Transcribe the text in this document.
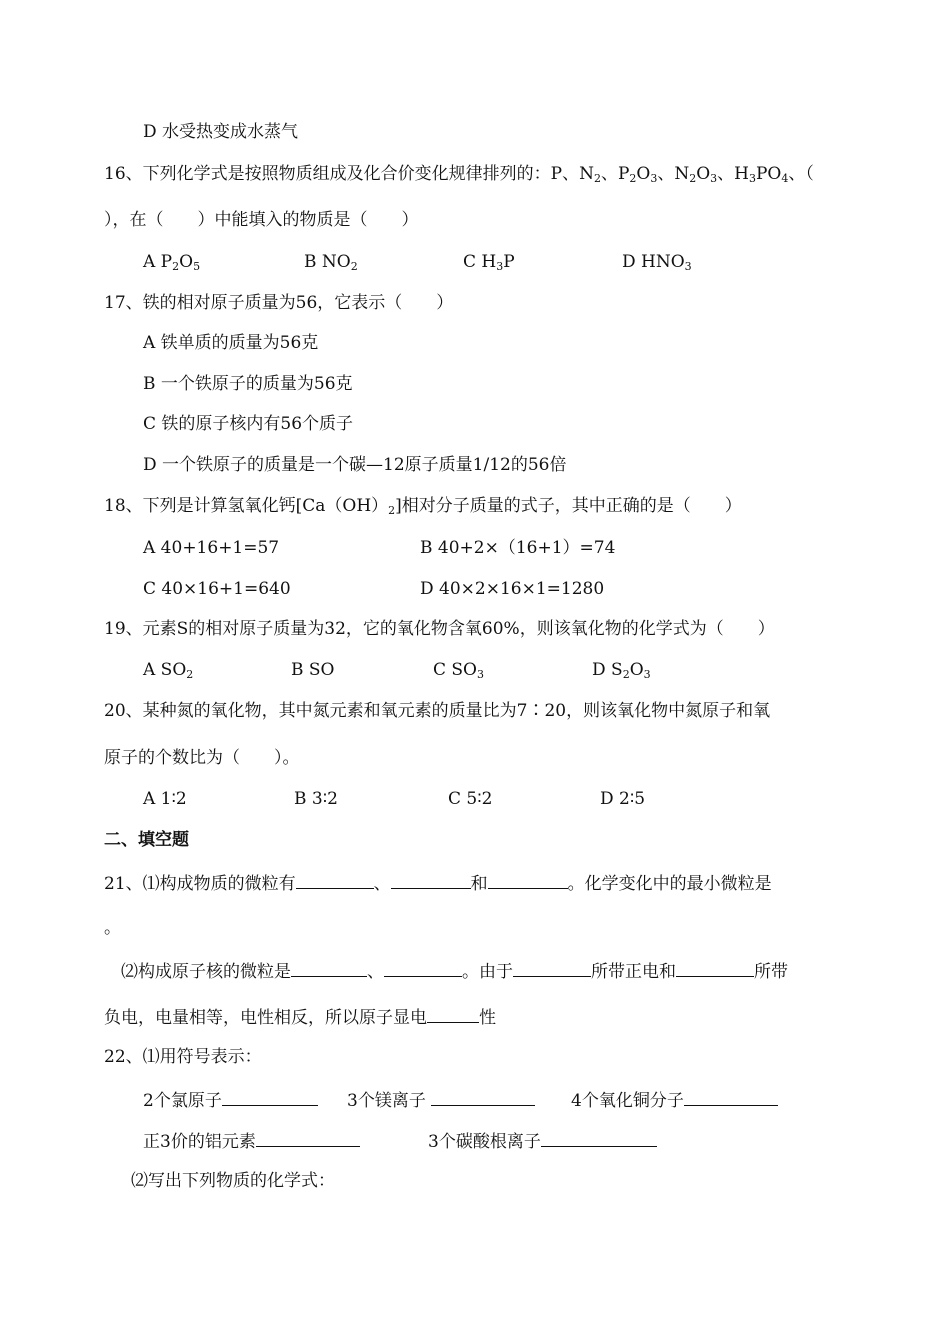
D 水受热变成水蒸气
16、下列化学式是按照物质组成及化合价变化规律排列的：P、$N_2$、$P_2O_3$、$N_2O_3$、$H_3PO_4$、（
），在（　　）中能填入的物质是（　　）
A $P_2O_5$	B $NO_2$	C $H_3P$	D $HNO_3$
17、铁的相对原子质量为56，它表示（　　）
A 铁单质的质量为56克
B 一个铁原子的质量为56克
C 铁的原子核内有56个质子
D 一个铁原子的质量是一个碳—12原子质量1/12的56倍
18、下列是计算氢氧化钙$[Ca(OH)_2]$相对分子质量的式子，其中正确的是（　　）
A 40+16+1=57	B 40+2×（16+1）=74
C 40×16+1=640	D 40×2×16×1=1280
19、元素S的相对原子质量为32，它的氧化物含氧60%，则该氧化物的化学式为（　　）
A $SO_2$	B SO	C $SO_3$	D $S_2O_3$
20、某种氮的氧化物，其中氮元素和氧元素的质量比为7∶20，则该氧化物中氮原子和氧
原子的个数比为（　　）。
A 1∶2	B 3∶2	C 5∶2	D 2∶5
二、填空题
21、⑴构成物质的微粒有	、	和	。化学变化中的最小微粒是
。
⑵构成原子核的微粒是	、	。由于	所带正电和	所带
负电，电量相等，电性相反，所以原子显电	性
22、⑴用符号表示：
2个氯原子	3个镁离子	4个氧化铜分子
正3价的铝元素	3个碳酸根离子
⑵写出下列物质的化学式：
